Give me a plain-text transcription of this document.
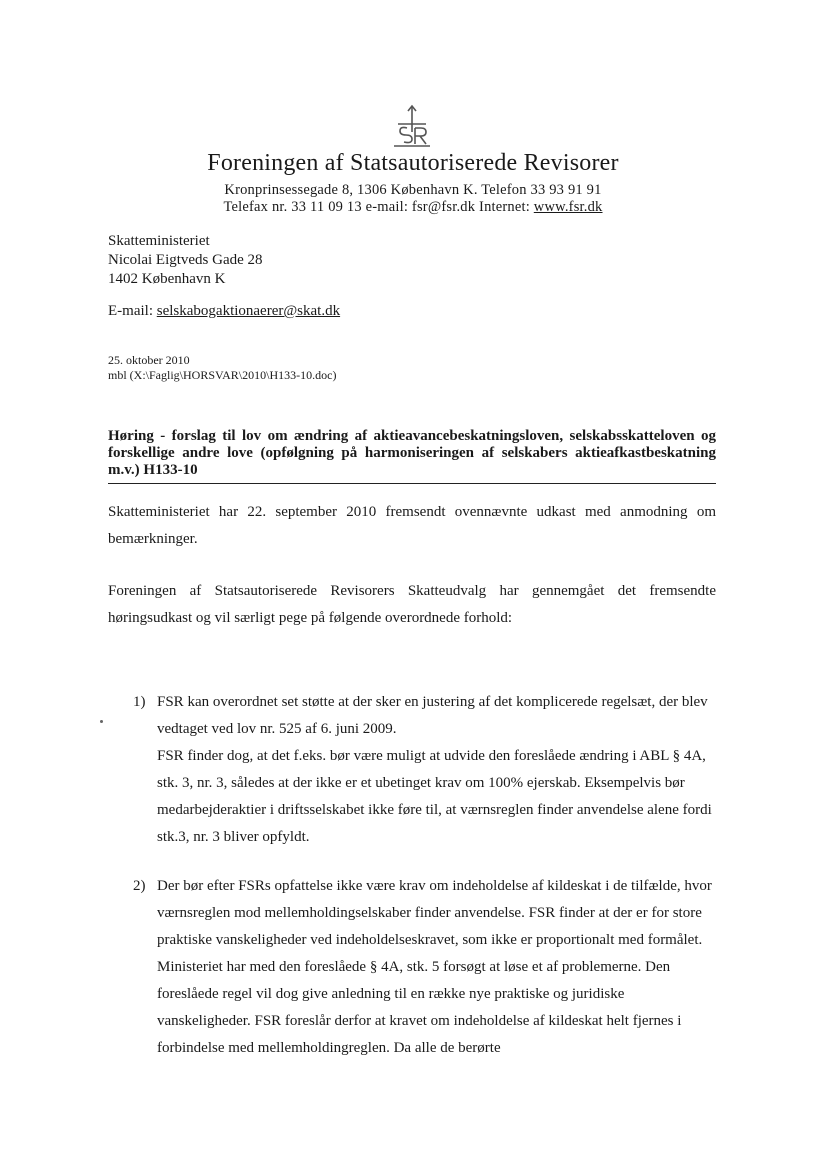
Foreningen af Statsautoriserede Revisorer
Kronprinsessegade 8, 1306 København K. Telefon 33 93 91 91
Telefax nr. 33 11 09 13 e-mail: fsr@fsr.dk Internet: www.fsr.dk
Skatteministeriet
Nicolai Eigtveds Gade 28
1402 København K
E-mail: selskabogaktionaerer@skat.dk
25. oktober 2010
mbl (X:\Faglig\HORSVAR\2010\H133-10.doc)
Høring - forslag til lov om ændring af aktieavancebeskatningsloven, selskabsskatteloven og forskellige andre love (opfølgning på harmoniseringen af selskabers aktieafkastbeskatning m.v.) H133-10
Skatteministeriet har 22. september 2010 fremsendt ovennævnte udkast med anmodning om bemærkninger.
Foreningen af Statsautoriserede Revisorers Skatteudvalg har gennemgået det fremsendte høringsudkast og vil særligt pege på følgende overordnede forhold:
1) FSR kan overordnet set støtte at der sker en justering af det komplicerede regelsæt, der blev vedtaget ved lov nr. 525 af 6. juni 2009.

FSR finder dog, at det f.eks. bør være muligt at udvide den foreslåede ændring i ABL § 4A, stk. 3, nr. 3, således at der ikke er et ubetinget krav om 100% ejerskab. Eksempelvis bør medarbejderaktier i driftsselskabet ikke føre til, at værnsreglen finder anvendelse alene fordi stk.3, nr. 3 bliver opfyldt.

2) Der bør efter FSRs opfattelse ikke være krav om indeholdelse af kildeskat i de tilfælde, hvor værnsreglen mod mellemholdingselskaber finder anvendelse. FSR finder at der er for store praktiske vanskeligheder ved indeholdelseskravet, som ikke er proportionalt med formålet. Ministeriet har med den foreslåede § 4A, stk. 5 forsøgt at løse et af problemerne. Den foreslåede regel vil dog give anledning til en række nye praktiske og juridiske vanskeligheder. FSR foreslår derfor at kravet om indeholdelse af kildeskat helt fjernes i forbindelse med mellemholdingreglen. Da alle de berørte
